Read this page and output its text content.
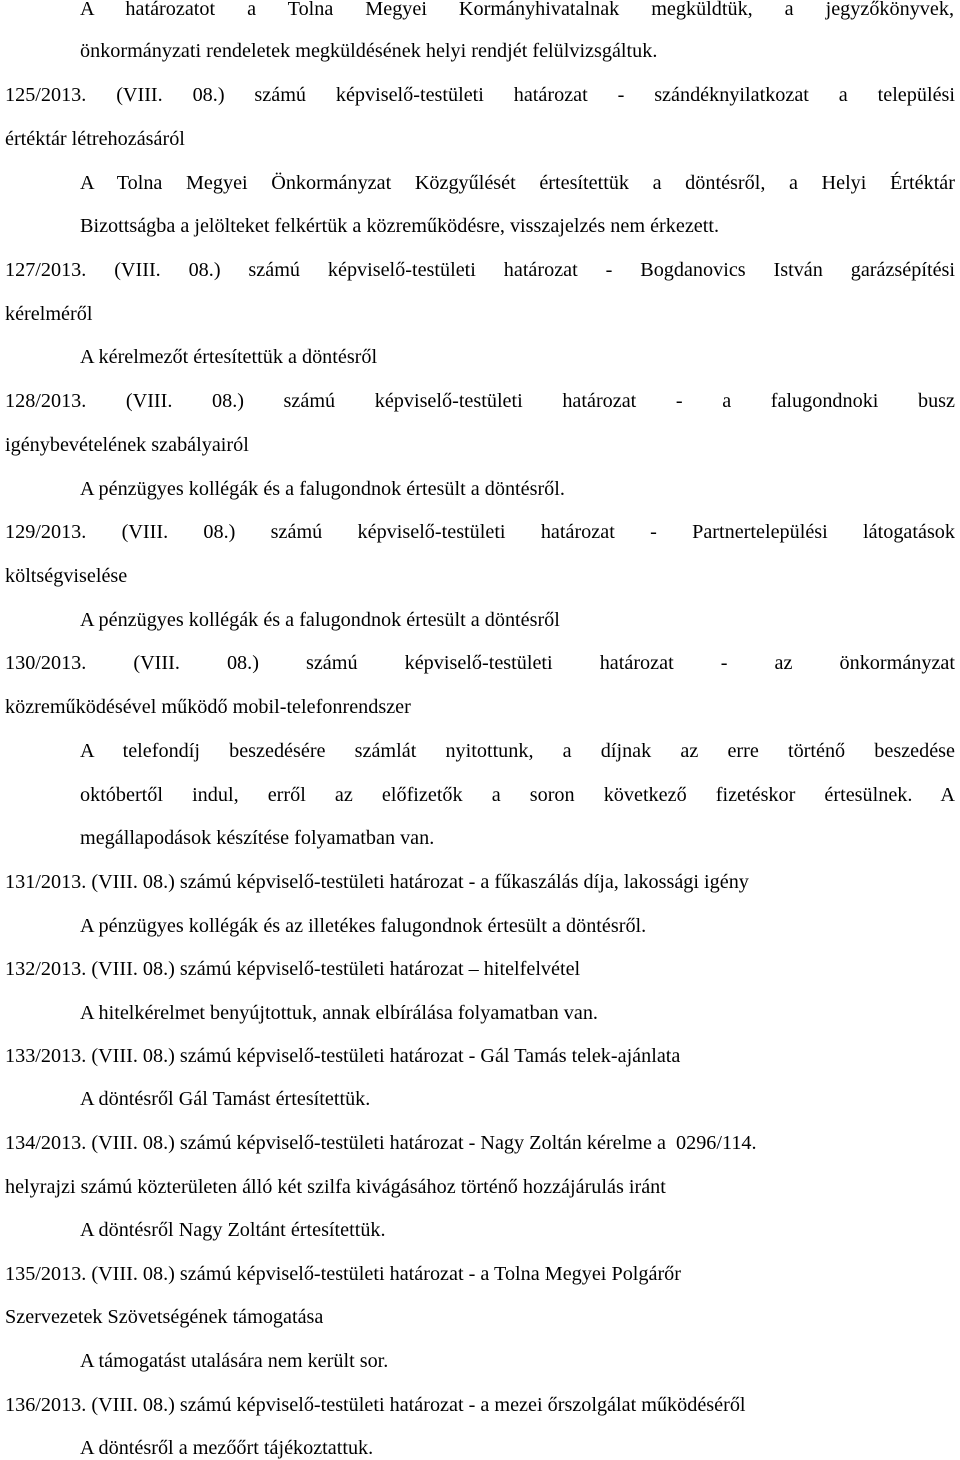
A határozatot a Tolna Megyei Kormányhivatalnak megküldtük, a jegyzőkönyvek,
önkormányzati rendeletek megküldésének helyi rendjét felülvizsgáltuk.
125/2013. (VIII. 08.) számú képviselő-testületi határozat - szándéknyilatkozat a települési
értéktár létrehozásáról
A Tolna Megyei Önkormányzat Közgyűlését értesítettük a döntésről, a Helyi Értéktár
Bizottságba a jelölteket felkértük a közreműködésre, visszajelzés nem érkezett.
127/2013. (VIII. 08.) számú képviselő-testületi határozat - Bogdanovics István garázsépítési
kérelméről
A kérelmezőt értesítettük a döntésről
128/2013. (VIII. 08.) számú képviselő-testületi határozat - a falugondnoki busz
igénybevételének szabályairól
A pénzügyes kollégák és a falugondnok értesült a döntésről.
129/2013. (VIII. 08.) számú képviselő-testületi határozat - Partnertelepülési látogatások
költségviselése
A pénzügyes kollégák és a falugondnok értesült a döntésről
130/2013. (VIII. 08.) számú képviselő-testületi határozat - az önkormányzat
közreműködésével működő mobil-telefonrendszer
A telefondíj beszedésére számlát nyitottunk, a díjnak az erre történő beszedése
októbertől indul, erről az előfizetők a soron következő fizetéskor értesülnek. A
megállapodások készítése folyamatban van.
131/2013. (VIII. 08.) számú képviselő-testületi határozat - a fűkaszálás díja, lakossági igény
A pénzügyes kollégák és az illetékes falugondnok értesült a döntésről.
132/2013. (VIII. 08.) számú képviselő-testületi határozat – hitelfelvétel
A hitelkérelmet benyújtottuk, annak elbírálása folyamatban van.
133/2013. (VIII. 08.) számú képviselő-testületi határozat - Gál Tamás telek-ajánlata
A döntésről Gál Tamást értesítettük.
134/2013. (VIII. 08.) számú képviselő-testületi határozat - Nagy Zoltán kérelme a  0296/114.
helyrajzi számú közterületen álló két szilfa kivágásához történő hozzájárulás iránt
A döntésről Nagy Zoltánt értesítettük.
135/2013. (VIII. 08.) számú képviselő-testületi határozat - a Tolna Megyei Polgárőr
Szervezetek Szövetségének támogatása
A támogatást utalására nem került sor.
136/2013. (VIII. 08.) számú képviselő-testületi határozat - a mezei őrszolgálat működéséről
A döntésről a mezőőrt tájékoztattuk.
